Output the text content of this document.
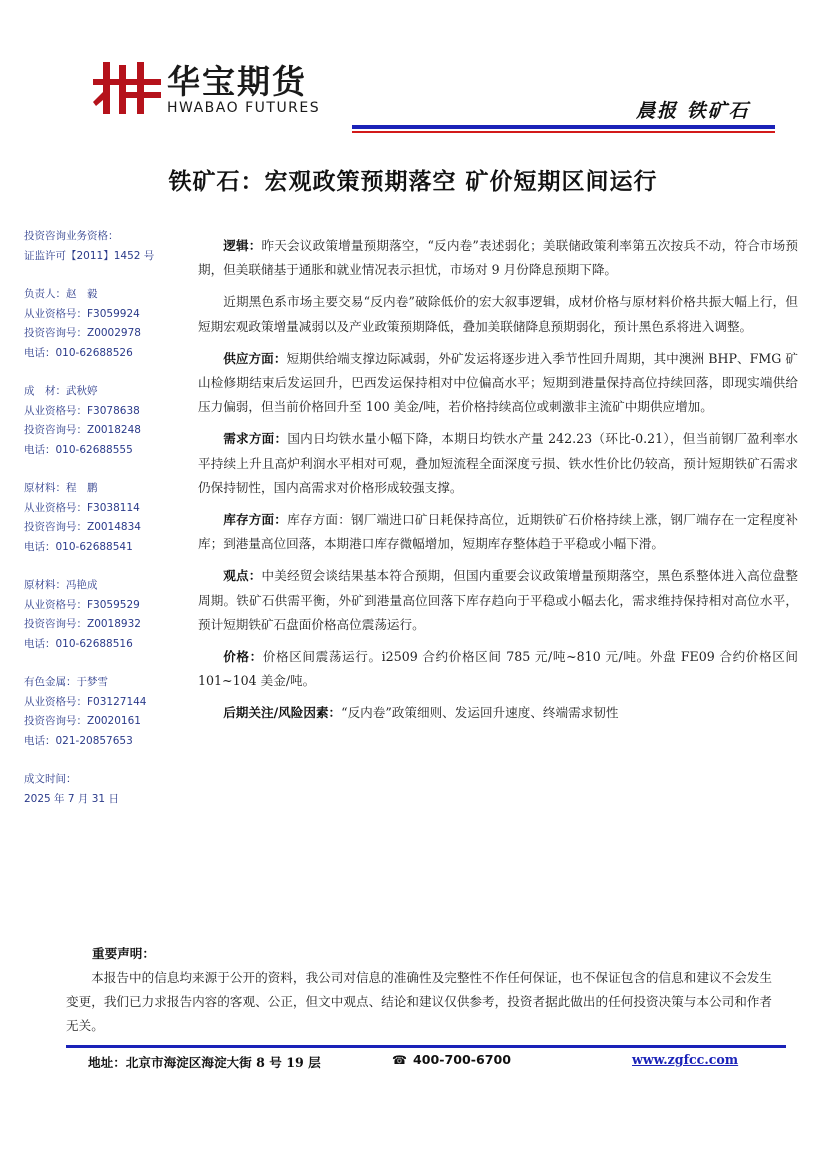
华宝期货
HWABAO FUTURES	晨报 铁矿石
铁矿石：宏观政策预期落空 矿价短期区间运行
投资咨询业务资格：
证监许可【2011】1452 号
负责人：赵　毅
从业资格号：F3059924
投资咨询号：Z0002978
电话：010-62688526
成　材：武秋婷
从业资格号：F3078638
投资咨询号：Z0018248
电话：010-62688555
原材料：程　鹏
从业资格号：F3038114
投资咨询号：Z0014834
电话：010-62688541
原材料：冯艳成
从业资格号：F3059529
投资咨询号：Z0018932
电话：010-62688516
有色金属：于梦雪
从业资格号：F03127144
投资咨询号：Z0020161
电话：021-20857653
成文时间：
2025 年 7 月 31 日

逻辑：昨天会议政策增量预期落空，“反内卷”表述弱化；美联储政策利率第五次按兵不动，符合市场预期，但美联储基于通胀和就业情况表示担忧，市场对 9 月份降息预期下降。

近期黑色系市场主要交易“反内卷”破除低价的宏大叙事逻辑，成材价格与原材料价格共振大幅上行，但短期宏观政策增量减弱以及产业政策预期降低，叠加美联储降息预期弱化，预计黑色系将进入调整。

供应方面：短期供给端支撑边际减弱，外矿发运将逐步进入季节性回升周期，其中澳洲 BHP、FMG 矿山检修期结束后发运回升，巴西发运保持相对中位偏高水平；短期到港量保持高位持续回落，即现实端供给压力偏弱，但当前价格回升至 100 美金/吨，若价格持续高位或刺激非主流矿中期供应增加。

需求方面：国内日均铁水量小幅下降，本期日均铁水产量 242.23（环比-0.21），但当前钢厂盈利率水平持续上升且高炉利润水平相对可观，叠加短流程全面深度亏损、铁水性价比仍较高，预计短期铁矿石需求仍保持韧性，国内高需求对价格形成较强支撑。

库存方面：库存方面：钢厂端进口矿日耗保持高位，近期铁矿石价格持续上涨，钢厂端存在一定程度补库；到港量高位回落，本期港口库存微幅增加，短期库存整体趋于平稳或小幅下滑。

观点：中美经贸会谈结果基本符合预期，但国内重要会议政策增量预期落空，黑色系整体进入高位盘整周期。铁矿石供需平衡，外矿到港量高位回落下库存趋向于平稳或小幅去化，需求维持保持相对高位水平，预计短期铁矿石盘面价格高位震荡运行。

价格：价格区间震荡运行。i2509 合约价格区间 785 元/吨~810 元/吨。外盘 FE09 合约价格区间 101~104 美金/吨。

后期关注/风险因素：“反内卷”政策细则、发运回升速度、终端需求韧性

重要声明：
本报告中的信息均来源于公开的资料，我公司对信息的准确性及完整性不作任何保证，也不保证包含的信息和建议不会发生变更，我们已力求报告内容的客观、公正，但文中观点、结论和建议仅供参考，投资者据此做出的任何投资决策与本公司和作者无关。
地址：北京市海淀区海淀大街 8 号 19 层	☎ 400-700-6700	www.zgfcc.com
